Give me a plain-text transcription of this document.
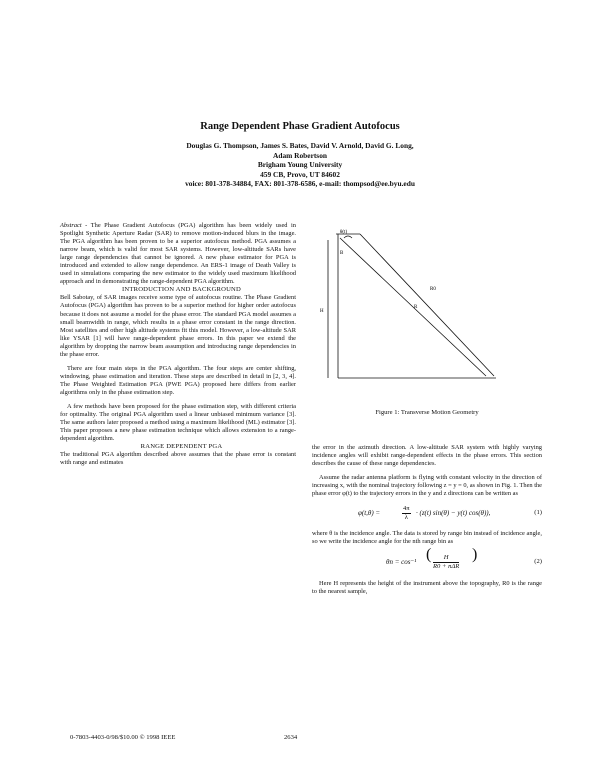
Range Dependent Phase Gradient Autofocus
Douglas G. Thompson, James S. Bates, David V. Arnold, David G. Long,
Adam Robertson
Brigham Young University
459 CB, Provo, UT 84602
voice: 801-378-34884, FAX: 801-378-6586, e-mail: thompsod@ee.byu.edu

Abstract - The Phase Gradient Autofocus (PGA) algorithm has been widely used in Spotlight Synthetic Aperture Radar (SAR) to remove motion-induced blurs in the image. The PGA algorithm has been proven to be a superior autofocus method. PGA assumes a narrow beam, which is valid for most SAR systems. However, low-altitude SARs have large range dependencies that cannot be ignored. A new phase estimator for PGA is introduced and extended to allow range dependence. An ERS-1 image of Death Valley is used in simulations comparing the new estimator to the widely used maximum likelihood approach and in demonstrating the range-dependent PGA algorithm.

INTRODUCTION AND BACKGROUND

Bell Sabotay, of SAR images receive some type of autofocus routine. The Phase Gradient Autofocus (PGA) algorithm has proven to be a superior method for higher order autofocus because it does not assume a model for the phase error. The standard PGA model assumes a small beamwidth in range, which results in a phase error constant in the range direction. Most satellites and other high altitude systems fit this model. However, a low-altitude SAR like YSAR [1] will have range-dependent phase errors. In this paper we extend the algorithm by dropping the narrow beam assumption and introducing range dependencies in the phase error.

There are four main steps in the PGA algorithm. The four steps are center shifting, windowing, phase estimation and iteration. These steps are described in detail in [2, 3, 4]. The Phase Weighted Estimation PGA (PWE PGA) proposed here differs from earlier algorithms only in the phase estimation step.

A few methods have been proposed for the phase estimation step, with different criteria for optimality. The original PGA algorithm used a linear unbiased minimum variance [3]. The same authors later proposed a method using a maximum likelihood (ML) estimator [3]. This paper proposes a new phase estimation technique which allows extension to a range-dependent algorithm.

RANGE DEPENDENT PGA

The traditional PGA algorithm described above assumes that the phase error is constant with range and estimates

θ(t)
B
R0
R
H
Figure 1: Transverse Motion Geometry

the error in the azimuth direction. A low-altitude SAR system with highly varying incidence angles will exhibit range-dependent effects in the phase errors. This section describes the cause of these range dependencies.

Assume the radar antenna platform is flying with constant velocity in the direction of increasing x, with the nominal trajectory following z = y = 0, as shown in Fig. 1. Then the phase error φ(t) to the trajectory errors in the y and z directions can be written as

φ(t,θ) =	$\frac{4\pi}{\lambda} \cdot (z(t) \sin(\theta) - y(t)$ cos(θ)),	(1)

where θ is the incidence angle. The data is stored by range bin instead of incidence angle, so we write the incidence angle for the nth range bin as

θn = cos⁻¹ (	H
R0 + nΔR
)	(2)

Here H represents the height of the instrument above the topography, R0 is the range to the nearest sample,

0-7803-4403-0/98/$10.00 © 1998 IEEE	2634
